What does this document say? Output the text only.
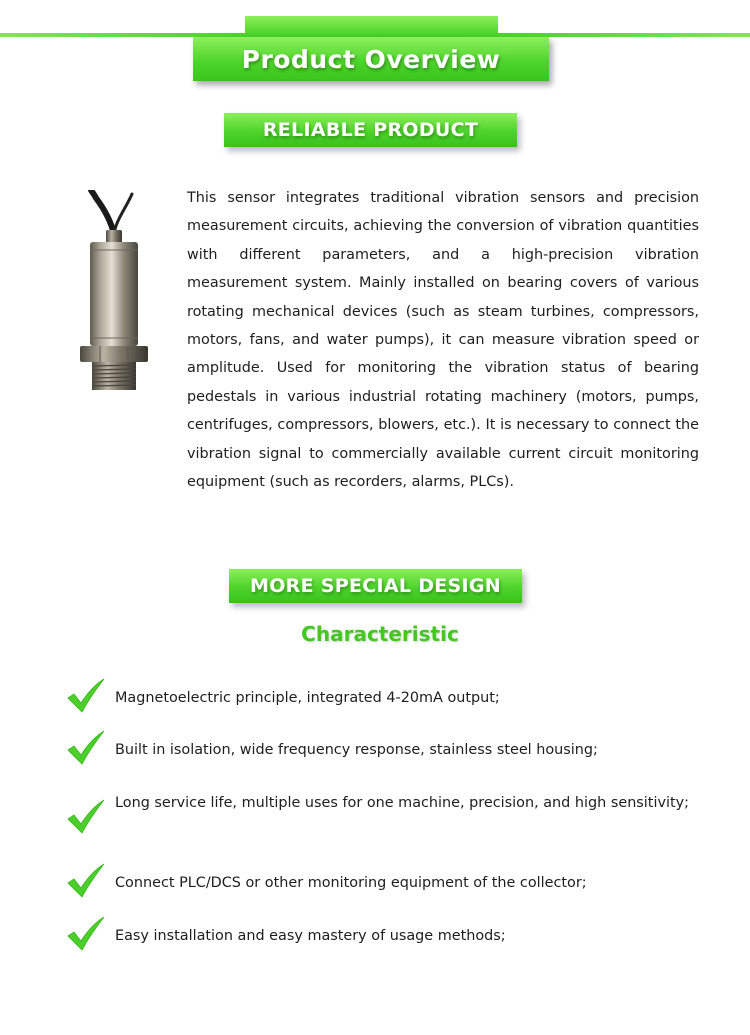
Product Overview
RELIABLE PRODUCT

This sensor integrates traditional vibration sensors and precision measurement circuits, achieving the conversion of vibration quantities with different parameters, and a high-precision vibration measurement system. Mainly installed on bearing covers of various rotating mechanical devices (such as steam turbines, compressors, motors, fans, and water pumps), it can measure vibration speed or amplitude. Used for monitoring the vibration status of bearing pedestals in various industrial rotating machinery (motors, pumps, centrifuges, compressors, blowers, etc.). It is necessary to connect the vibration signal to commercially available current circuit monitoring equipment (such as recorders, alarms, PLCs).

MORE SPECIAL DESIGN
Characteristic
Magnetoelectric principle, integrated 4-20mA output;
Built in isolation, wide frequency response, stainless steel housing;
Long service life, multiple uses for one machine, precision, and high sensitivity;
Connect PLC/DCS or other monitoring equipment of the collector;
Easy installation and easy mastery of usage methods;
